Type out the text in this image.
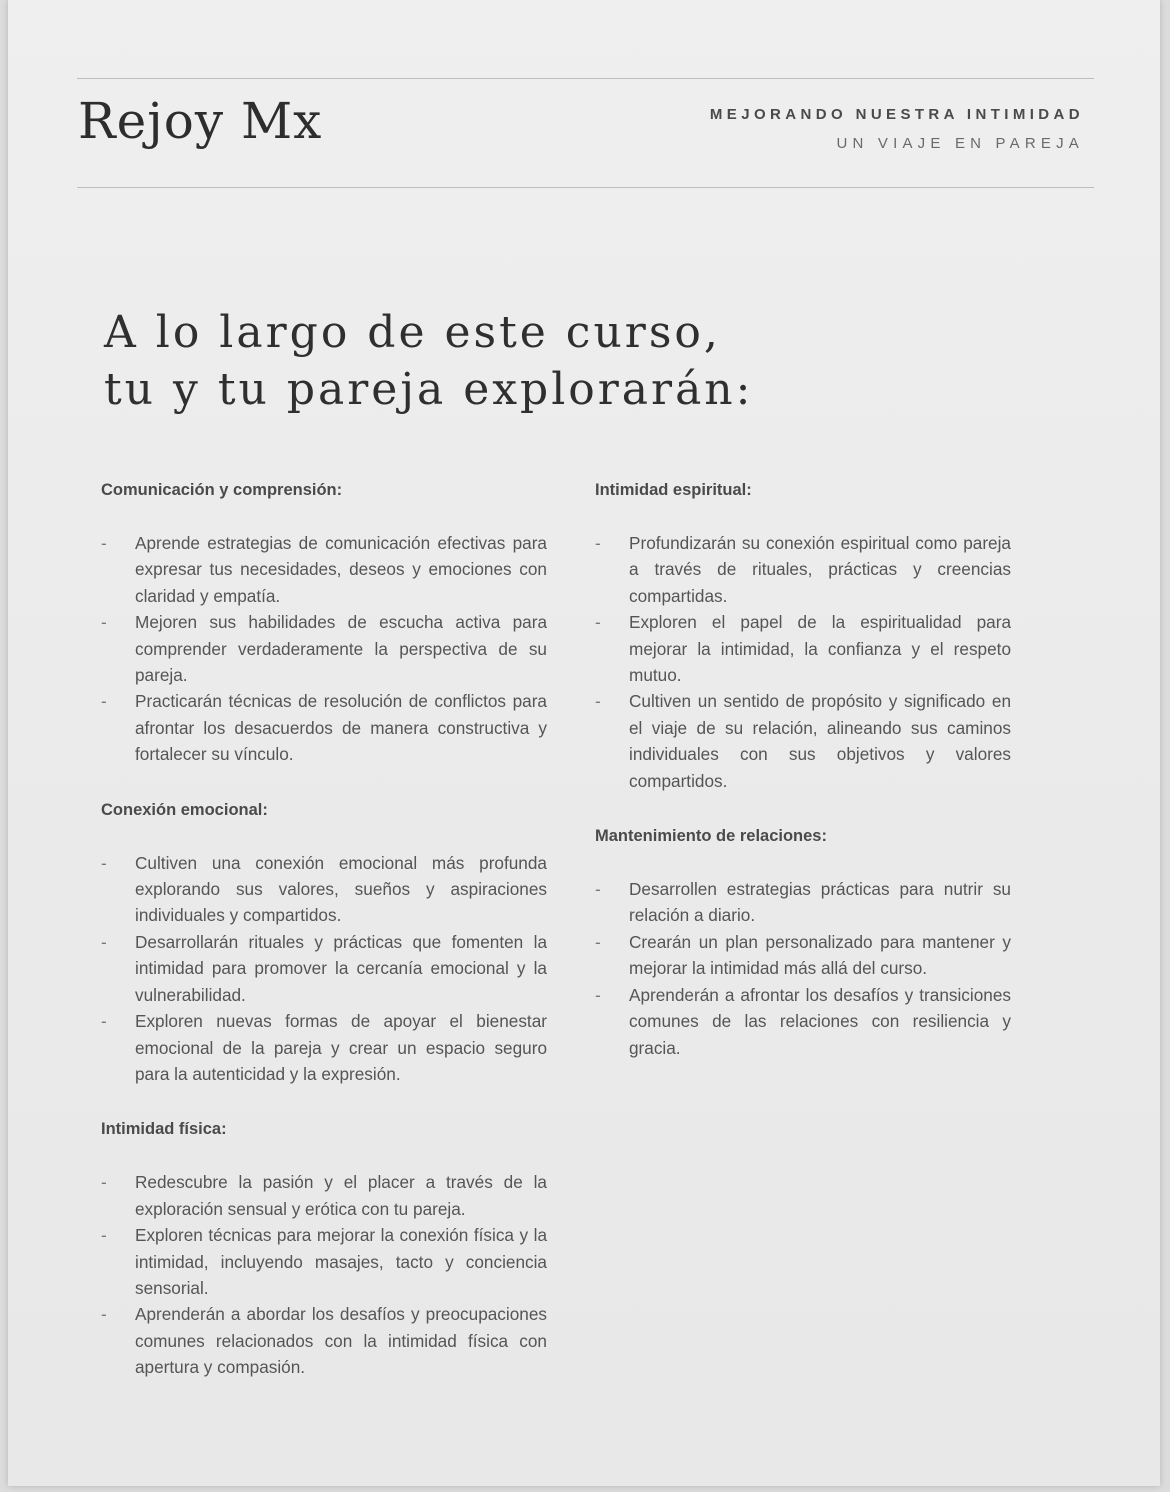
Rejoy Mx	MEJORANDO NUESTRA INTIMIDAD
UN VIAJE EN PAREJA
A lo largo de este curso,
tu y tu pareja explorarán:
Comunicación y comprensión:
- Aprende estrategias de comunicación efectivas para expresar tus necesidades, deseos y emociones con claridad y empatía.
- Mejoren sus habilidades de escucha activa para comprender verdaderamente la perspectiva de su pareja.
- Practicarán técnicas de resolución de conflictos para afrontar los desacuerdos de manera constructiva y fortalecer su vínculo.
Conexión emocional:
- Cultiven una conexión emocional más profunda explorando sus valores, sueños y aspiraciones individuales y compartidos.
- Desarrollarán rituales y prácticas que fomenten la intimidad para promover la cercanía emocional y la vulnerabilidad.
- Exploren nuevas formas de apoyar el bienestar emocional de la pareja y crear un espacio seguro para la autenticidad y la expresión.
Intimidad física:
- Redescubre la pasión y el placer a través de la exploración sensual y erótica con tu pareja.
- Exploren técnicas para mejorar la conexión física y la intimidad, incluyendo masajes, tacto y conciencia sensorial.
- Aprenderán a abordar los desafíos y preocupaciones comunes relacionados con la intimidad física con apertura y compasión.
Intimidad espiritual:
- Profundizarán su conexión espiritual como pareja a través de rituales, prácticas y creencias compartidas.
- Exploren el papel de la espiritualidad para mejorar la intimidad, la confianza y el respeto mutuo.
- Cultiven un sentido de propósito y significado en el viaje de su relación, alineando sus caminos individuales con sus objetivos y valores compartidos.
Mantenimiento de relaciones:
- Desarrollen estrategias prácticas para nutrir su relación a diario.
- Crearán un plan personalizado para mantener y mejorar la intimidad más allá del curso.
- Aprenderán a afrontar los desafíos y transiciones comunes de las relaciones con resiliencia y gracia.
